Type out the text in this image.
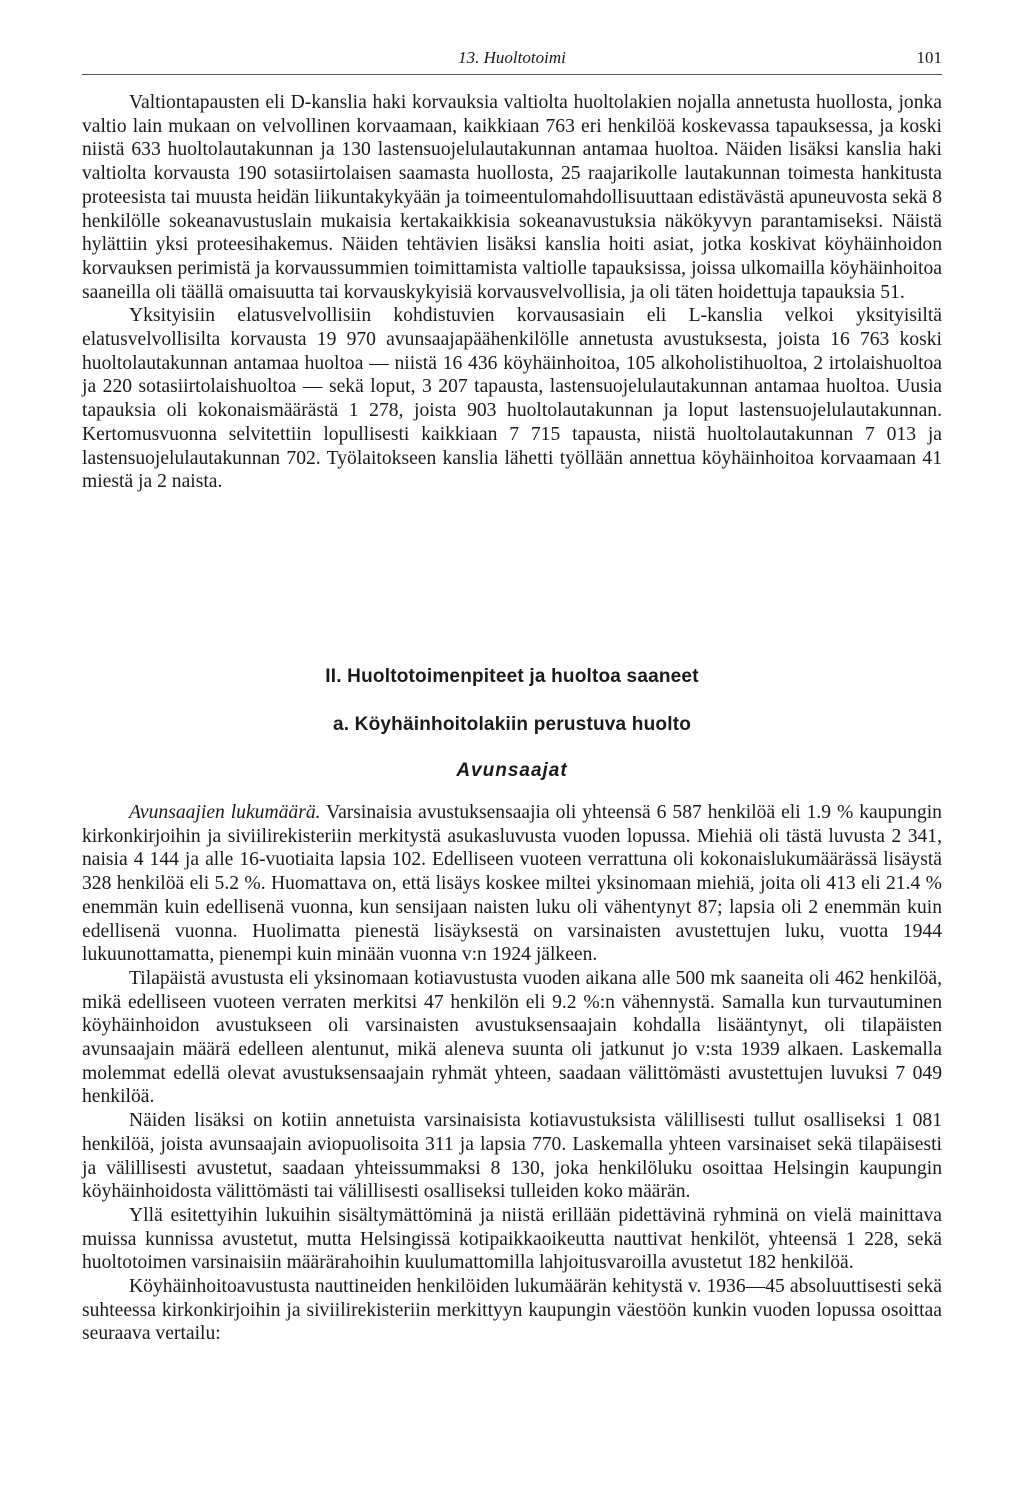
13. Huoltotoimi	101

Valtiontapausten eli D-kanslia haki korvauksia valtiolta huoltolakien nojalla annetusta huollosta, jonka valtio lain mukaan on velvollinen korvaamaan, kaikkiaan 763 eri henkilöä koskevassa tapauksessa, ja koski niistä 633 huoltolautakunnan ja 130 lastensuojelulautakunnan antamaa huoltoa. Näiden lisäksi kanslia haki valtiolta korvausta 190 sotasiirtolaisen saamasta huollosta, 25 raajarikolle lautakunnan toimesta hankitusta proteesista tai muusta heidän liikuntakykyään ja toimeentulomahdollisuuttaan edistävästä apuneuvosta sekä 8 henkilölle sokeanavustuslain mukaisia kertakaikkisia sokeanavustuksia näkökyvyn parantamiseksi. Näistä hylättiin yksi proteesihakemus. Näiden tehtävien lisäksi kanslia hoiti asiat, jotka koskivat köyhäinhoidon korvauksen perimistä ja korvaussummien toimittamista valtiolle tapauksissa, joissa ulkomailla köyhäinhoitoa saaneilla oli täällä omaisuutta tai korvauskykyisiä korvausvelvollisia, ja oli täten hoidettuja tapauksia 51.

Yksityisiin elatusvelvollisiin kohdistuvien korvausasiain eli L-kanslia velkoi yksityisiltä elatusvelvollisilta korvausta 19 970 avunsaajapäähenkilölle annetusta avustuksesta, joista 16 763 koski huoltolautakunnan antamaa huoltoa — niistä 16 436 köyhäinhoitoa, 105 alkoholistihuoltoa, 2 irtolaishuoltoa ja 220 sotasiirtolaishuoltoa — sekä loput, 3 207 tapausta, lastensuojelulautakunnan antamaa huoltoa. Uusia tapauksia oli kokonaismäärästä 1 278, joista 903 huoltolautakunnan ja loput lastensuojelulautakunnan. Kertomusvuonna selvitettiin lopullisesti kaikkiaan 7 715 tapausta, niistä huoltolautakunnan 7 013 ja lastensuojelulautakunnan 702. Työlaitokseen kanslia lähetti työllään annettua köyhäinhoitoa korvaamaan 41 miestä ja 2 naista.

II. Huoltotoimenpiteet ja huoltoa saaneet
a. Köyhäinhoitolakiin perustuva huolto
Avunsaajat

Avunsaajien lukumäärä. Varsinaisia avustuksensaajia oli yhteensä 6 587 henkilöä eli 1.9 % kaupungin kirkonkirjoihin ja siviilirekisteriin merkitystä asukasluvusta vuoden lopussa. Miehiä oli tästä luvusta 2 341, naisia 4 144 ja alle 16-vuotiaita lapsia 102. Edelliseen vuoteen verrattuna oli kokonaislukumäärässä lisäystä 328 henkilöä eli 5.2 %. Huomattava on, että lisäys koskee miltei yksinomaan miehiä, joita oli 413 eli 21.4 % enemmän kuin edellisenä vuonna, kun sensijaan naisten luku oli vähentynyt 87; lapsia oli 2 enemmän kuin edellisenä vuonna. Huolimatta pienestä lisäyksestä on varsinaisten avustettujen luku, vuotta 1944 lukuunottamatta, pienempi kuin minään vuonna v:n 1924 jälkeen.

Tilapäistä avustusta eli yksinomaan kotiavustusta vuoden aikana alle 500 mk saaneita oli 462 henkilöä, mikä edelliseen vuoteen verraten merkitsi 47 henkilön eli 9.2 %:n vähennystä. Samalla kun turvautuminen köyhäinhoidon avustukseen oli varsinaisten avustuksensaajain kohdalla lisääntynyt, oli tilapäisten avunsaajain määrä edelleen alentunut, mikä aleneva suunta oli jatkunut jo v:sta 1939 alkaen. Laskemalla molemmat edellä olevat avustuksensaajain ryhmät yhteen, saadaan välittömästi avustettujen luvuksi 7 049 henkilöä.

Näiden lisäksi on kotiin annetuista varsinaisista kotiavustuksista välillisesti tullut osalliseksi 1 081 henkilöä, joista avunsaajain aviopuolisoita 311 ja lapsia 770. Laskemalla yhteen varsinaiset sekä tilapäisesti ja välillisesti avustetut, saadaan yhteissummaksi 8 130, joka henkilöluku osoittaa Helsingin kaupungin köyhäinhoidosta välittömästi tai välillisesti osalliseksi tulleiden koko määrän.

Yllä esitettyihin lukuihin sisältymättöminä ja niistä erillään pidettävinä ryhminä on vielä mainittava muissa kunnissa avustetut, mutta Helsingissä kotipaikkaoikeutta nauttivat henkilöt, yhteensä 1 228, sekä huoltotoimen varsinaisiin määrärahoihin kuulumattomilla lahjoitusvaroilla avustetut 182 henkilöä.

Köyhäinhoitoavustusta nauttineiden henkilöiden lukumäärän kehitystä v. 1936—45 absoluuttisesti sekä suhteessa kirkonkirjoihin ja siviilirekisteriin merkittyyn kaupungin väestöön kunkin vuoden lopussa osoittaa seuraava vertailu:
